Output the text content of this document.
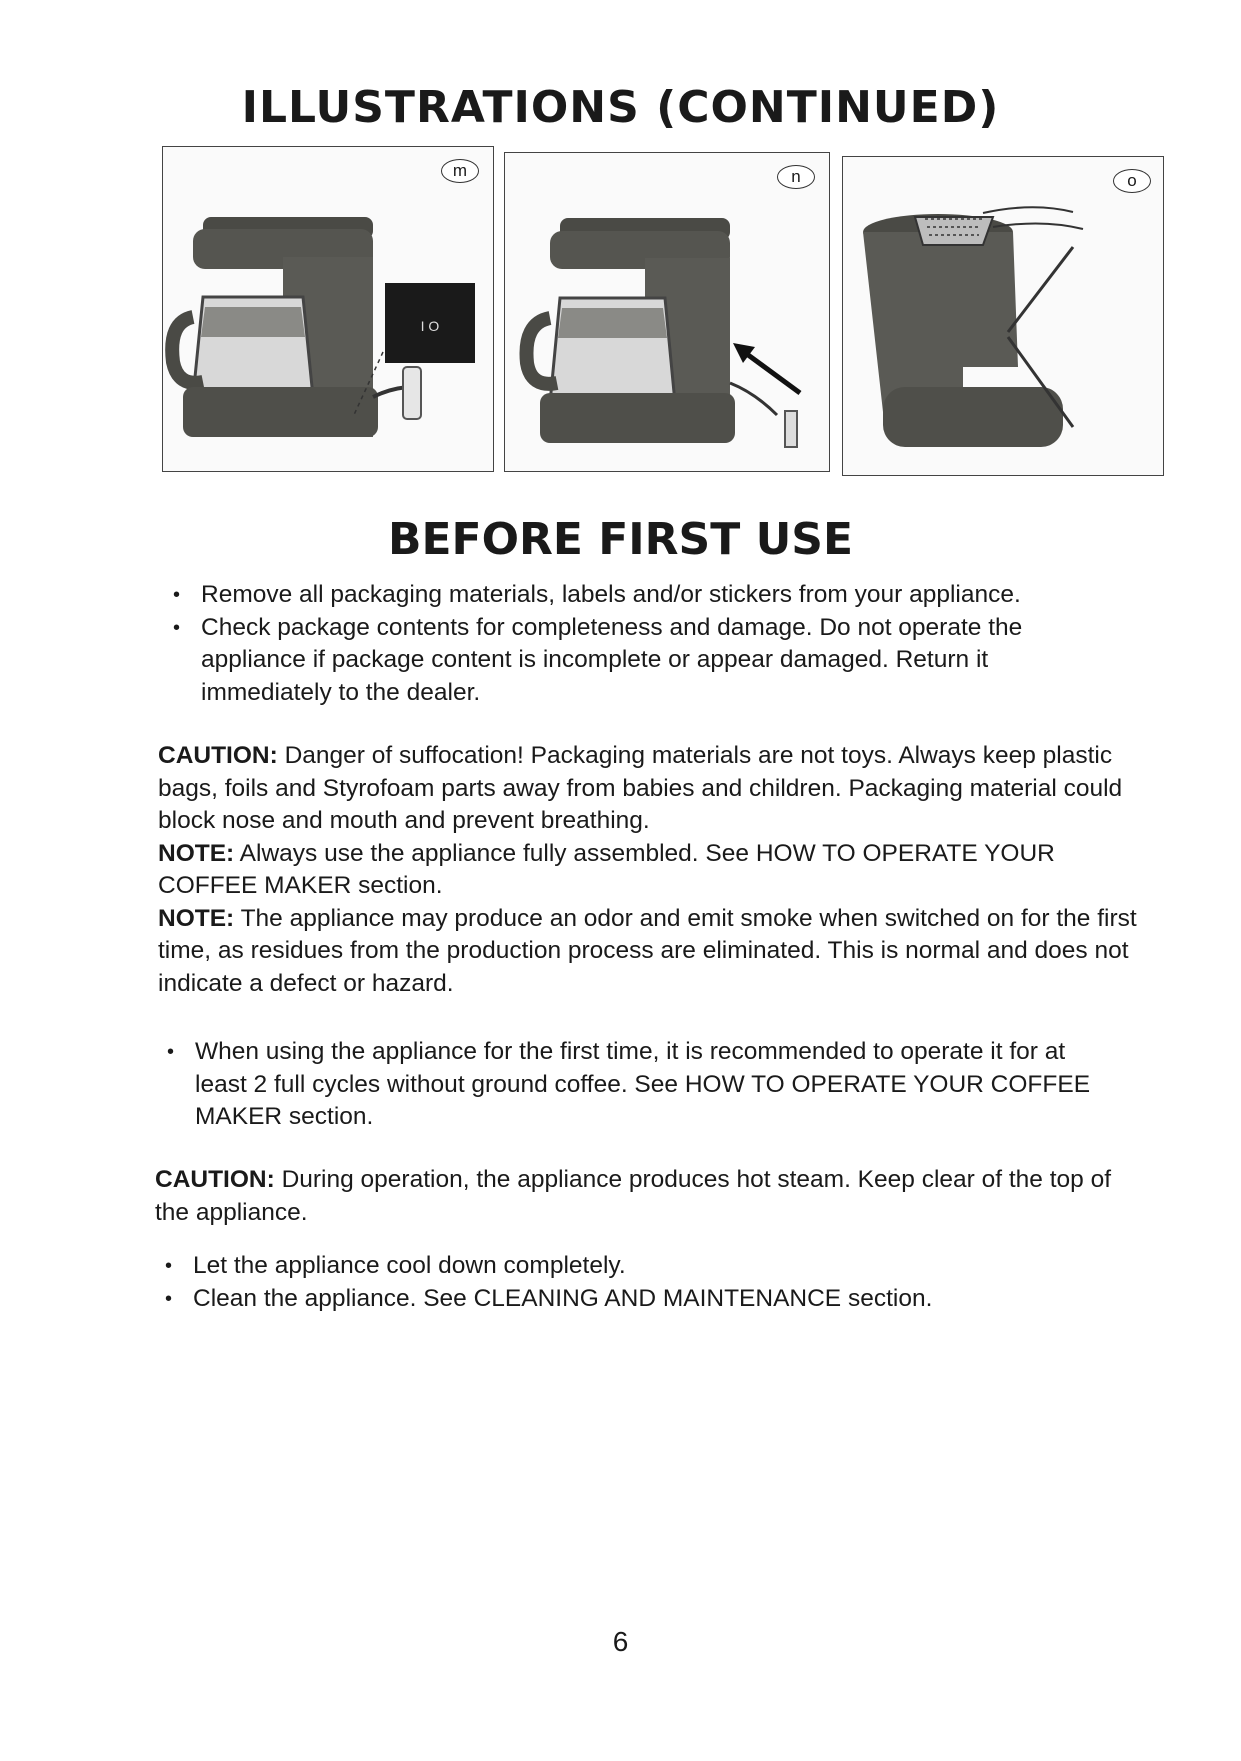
ILLUSTRATIONS (CONTINUED)
I O
m	n	o
BEFORE FIRST USE
• Remove all packaging materials, labels and/or stickers from your appliance.
• Check package contents for completeness and damage. Do not operate the appliance if package content is incomplete or appear damaged. Return it immediately to the dealer.

CAUTION: Danger of suffocation! Packaging materials are not toys. Always keep plastic bags, foils and Styrofoam parts away from babies and children. Packaging material could block nose and mouth and prevent breathing.

NOTE: Always use the appliance fully assembled. See HOW TO OPERATE YOUR COFFEE MAKER section.

NOTE: The appliance may produce an odor and emit smoke when switched on for the first time, as residues from the production process are eliminated. This is normal and does not indicate a defect or hazard.

• When using the appliance for the first time, it is recommended to operate it for at least 2 full cycles without ground coffee. See HOW TO OPERATE YOUR COFFEE MAKER section.

CAUTION: During operation, the appliance produces hot steam. Keep clear of the top of the appliance.

• Let the appliance cool down completely.
• Clean the appliance. See CLEANING AND MAINTENANCE section.
6
